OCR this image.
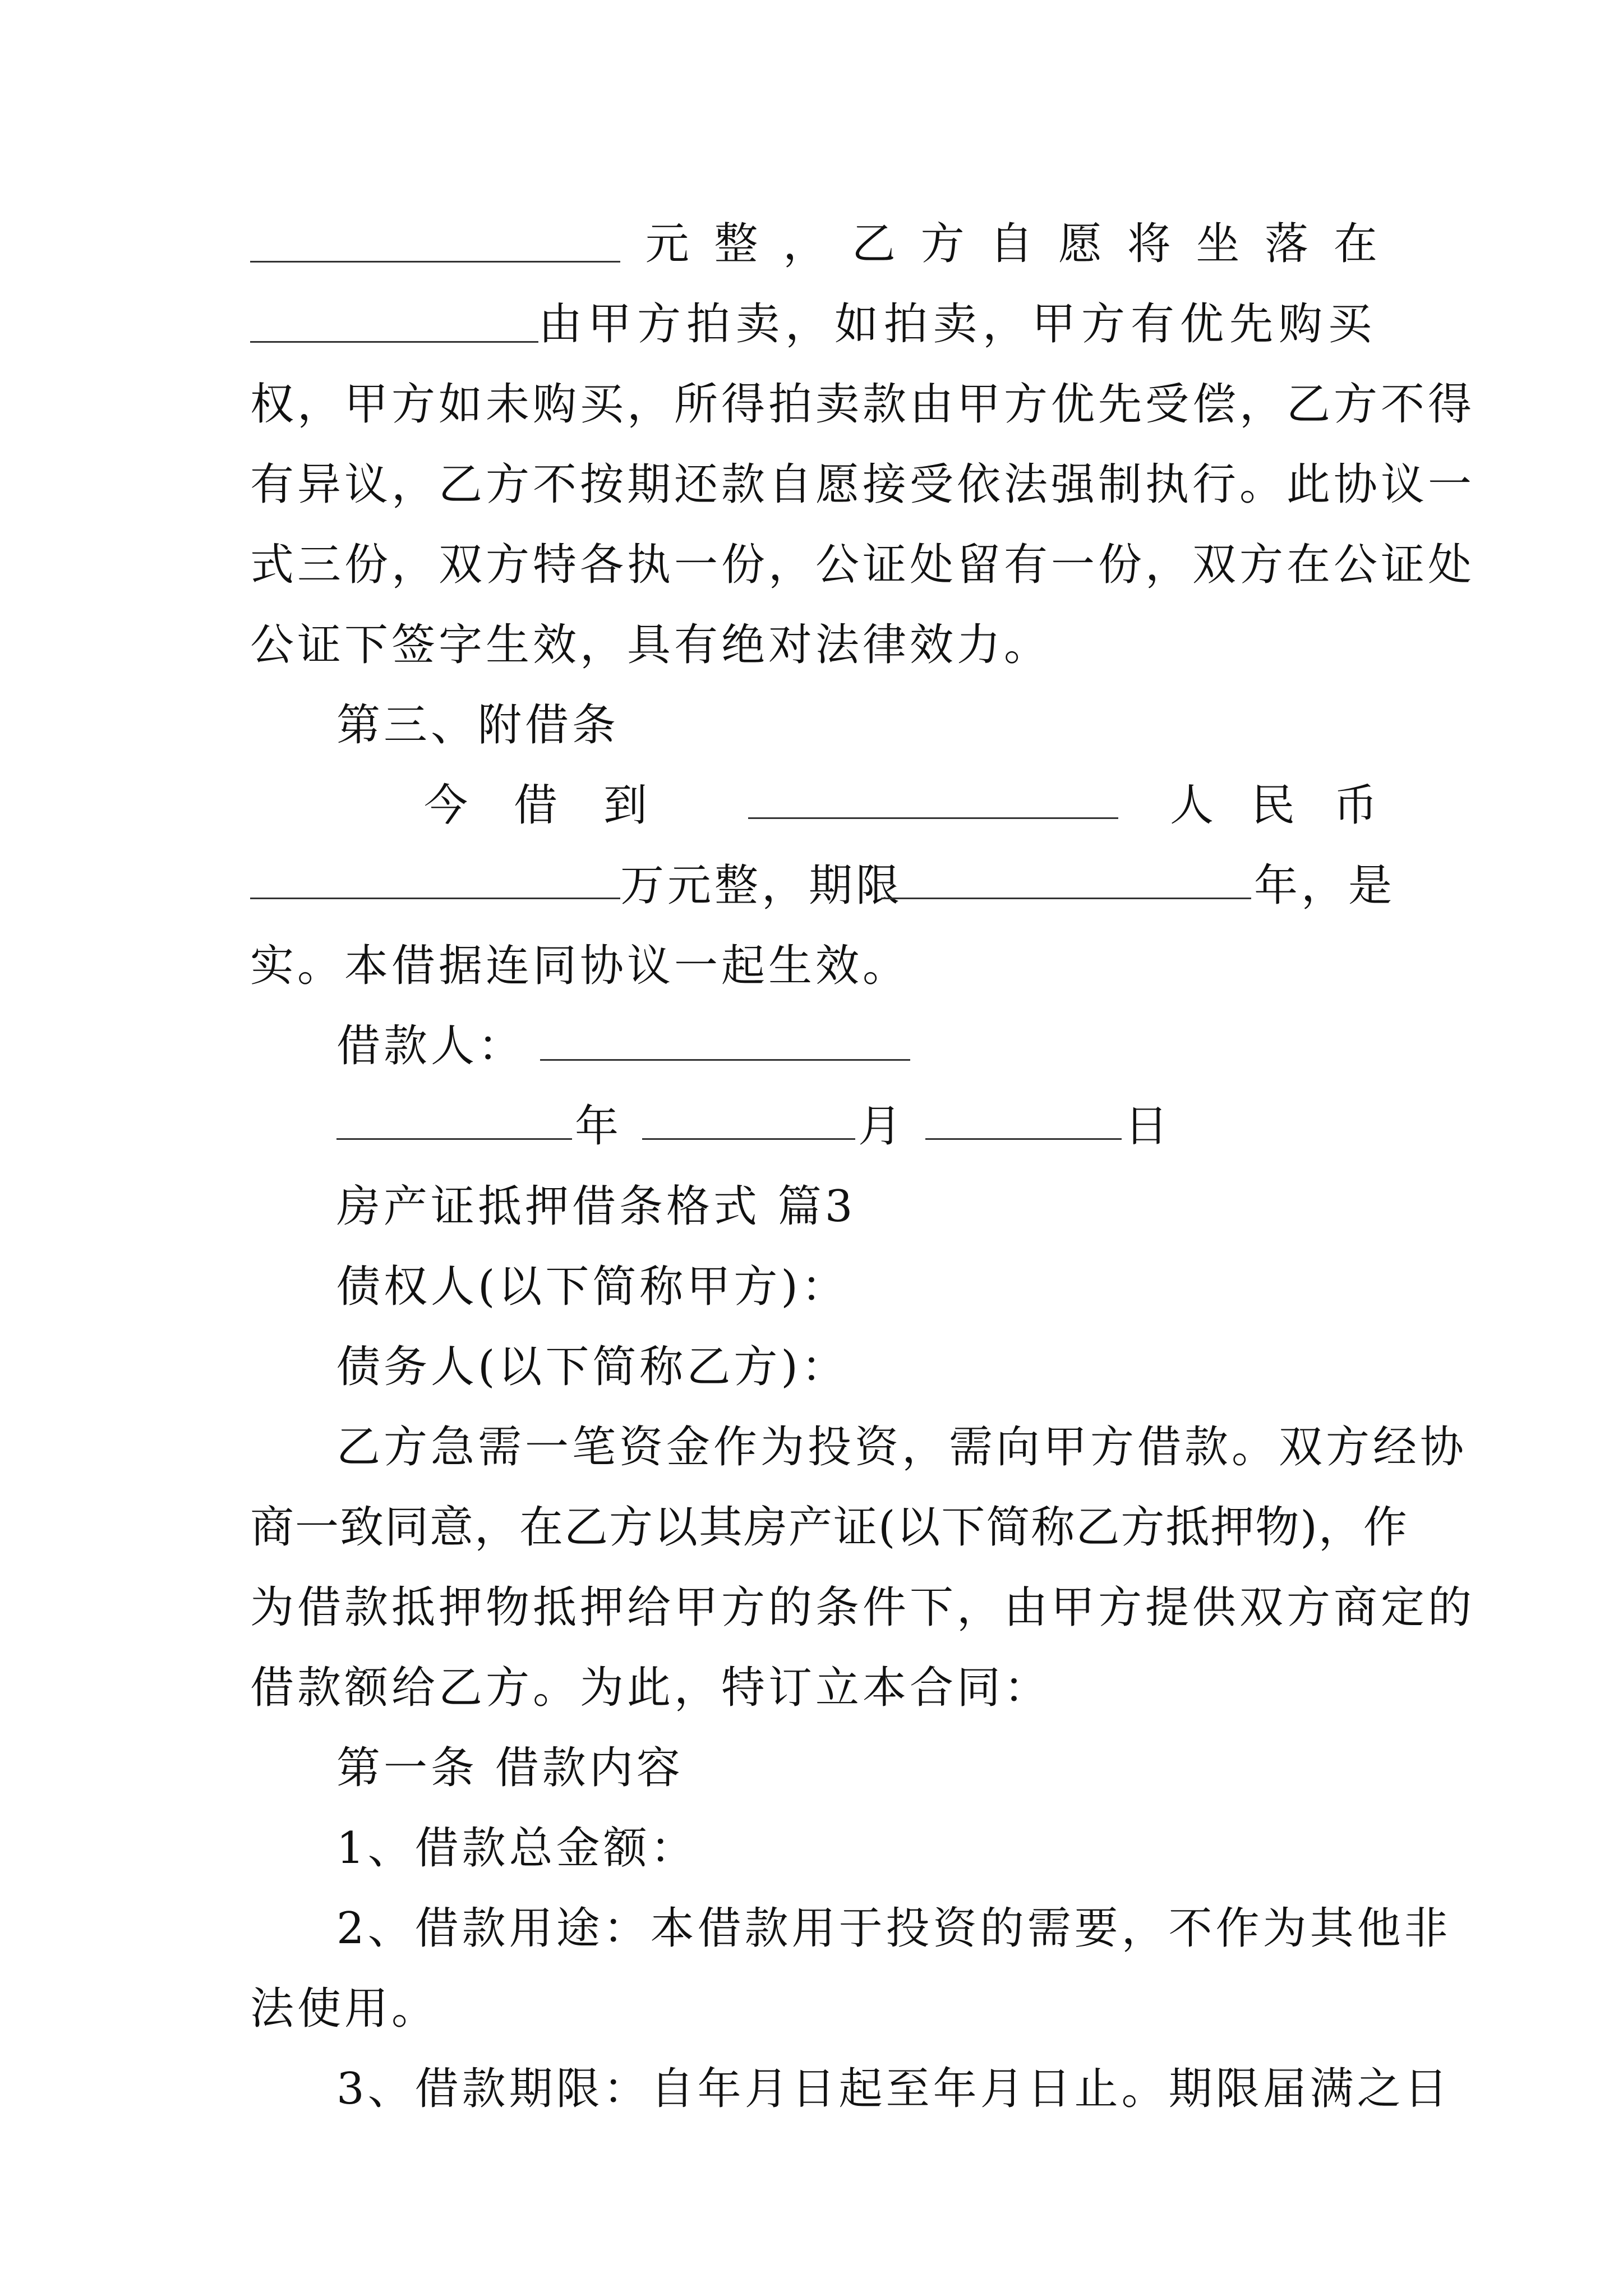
元 整 ， 乙 方 自 愿 将 坐 落 在
由甲方拍卖，如拍卖，甲方有优先购买
权，甲方如未购买，所得拍卖款由甲方优先受偿，乙方不得
有异议，乙方不按期还款自愿接受依法强制执行。此协议一
式三份，双方特各执一份，公证处留有一份，双方在公证处
公证下签字生效，具有绝对法律效力。
第三、附借条
今 借 到	人 民 币
万元整，期限	年，是
实。本借据连同协议一起生效。
借款人：
年	月	日
房产证抵押借条格式 篇3
债权人(以下简称甲方)：
债务人(以下简称乙方)：
乙方急需一笔资金作为投资，需向甲方借款。双方经协
商一致同意，在乙方以其房产证(以下简称乙方抵押物)，作
为借款抵押物抵押给甲方的条件下，由甲方提供双方商定的
借款额给乙方。为此，特订立本合同：
第一条 借款内容
1、借款总金额：
2、借款用途：本借款用于投资的需要，不作为其他非
法使用。
3、借款期限：自年月日起至年月日止。期限届满之日
